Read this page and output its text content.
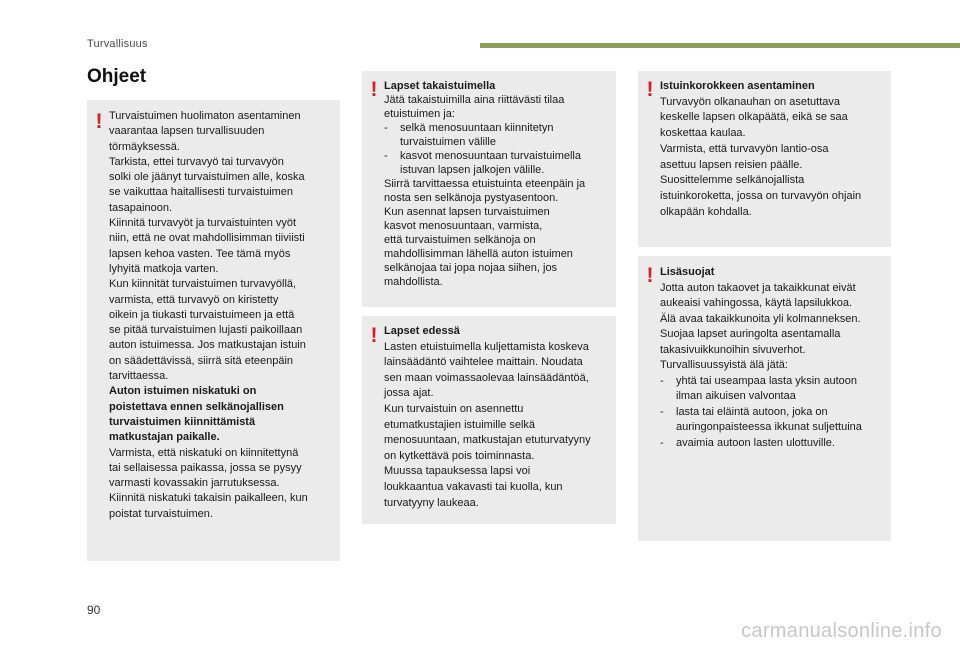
Turvallisuus
Ohjeet
! Turvaistuimen huolimaton asentaminen

vaarantaa lapsen turvallisuuden

törmäyksessä.

Tarkista, ettei turvavyö tai turvavyön

solki ole jäänyt turvaistuimen alle, koska

se vaikuttaa haitallisesti turvaistuimen

tasapainoon.

Kiinnitä turvavyöt ja turvaistuinten vyöt

niin, että ne ovat mahdollisimman tiiviisti

lapsen kehoa vasten. Tee tämä myös

lyhyitä matkoja varten.

Kun kiinnität turvaistuimen turvavyöllä,

varmista, että turvavyö on kiristetty

oikein ja tiukasti turvaistuimeen ja että

se pitää turvaistuimen lujasti paikoillaan

auton istuimessa. Jos matkustajan istuin

on säädettävissä, siirrä sitä eteenpäin

tarvittaessa.

Auton istuimen niskatuki on

poistettava ennen selkänojallisen

turvaistuimen kiinnittämistä

matkustajan paikalle.

Varmista, että niskatuki on kiinnitettynä

tai sellaisessa paikassa, jossa se pysyy

varmasti kovassakin jarrutuksessa.

Kiinnitä niskatuki takaisin paikalleen, kun

poistat turvaistuimen.

! Lapset takaistuimella

Jätä takaistuimilla aina riittävästi tilaa

etuistuimen ja:

-	selkä menosuuntaan kiinnitetyn

turvaistuimen välille

-	kasvot menosuuntaan turvaistuimella

istuvan lapsen jalkojen välille.

Siirrä tarvittaessa etuistuinta eteenpäin ja

nosta sen selkänoja pystyasentoon.

Kun asennat lapsen turvaistuimen

kasvot menosuuntaan, varmista,

että turvaistuimen selkänoja on

mahdollisimman lähellä auton istuimen

selkänojaa tai jopa nojaa siihen, jos

mahdollista.

! Lapset edessä

Lasten etuistuimella kuljettamista koskeva

lainsäädäntö vaihtelee maittain. Noudata

sen maan voimassaolevaa lainsäädäntöä,

jossa ajat.

Kun turvaistuin on asennettu

etumatkustajien istuimille selkä

menosuuntaan, matkustajan etuturvatyyny

on kytkettävä pois toiminnasta.

Muussa tapauksessa lapsi voi

loukkaantua vakavasti tai kuolla, kun

turvatyyny laukeaa.

! Istuinkorokkeen asentaminen

Turvavyön olkanauhan on asetuttava

keskelle lapsen olkapäätä, eikä se saa

koskettaa kaulaa.

Varmista, että turvavyön lantio-osa

asettuu lapsen reisien päälle.

Suosittelemme selkänojallista

istuinkoroketta, jossa on turvavyön ohjain

olkapään kohdalla.

! Lisäsuojat

Jotta auton takaovet ja takaikkunat eivät

aukeaisi vahingossa, käytä lapsilukkoa.

Älä avaa takaikkunoita yli kolmanneksen.

Suojaa lapset auringolta asentamalla

takasivuikkunoihin sivuverhot.

Turvallisuussyistä älä jätä:

-	yhtä tai useampaa lasta yksin autoon

ilman aikuisen valvontaa

-	lasta tai eläintä autoon, joka on

auringonpaisteessa ikkunat suljettuina

-	avaimia autoon lasten ulottuville.

90
carmanualsonline.info
